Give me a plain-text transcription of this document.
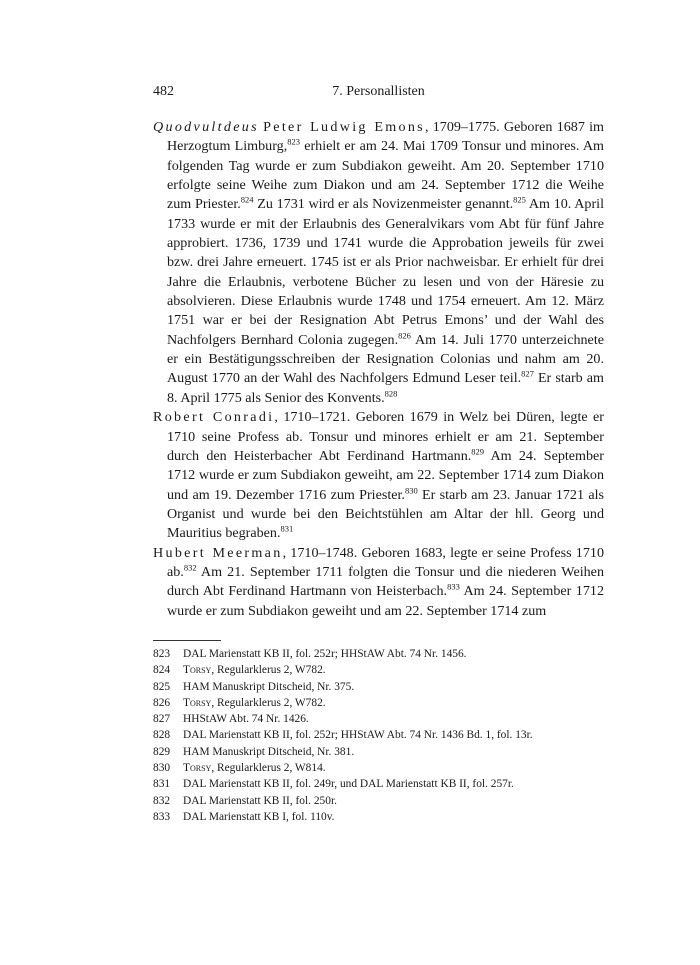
482	7. Personallisten

Quodvultdeus Peter Ludwig Emons, 1709–1775. Geboren 1687 im Herzogtum Limburg,$^{823}$ erhielt er am 24. Mai 1709 Tonsur und minores. Am folgenden Tag wurde er zum Subdiakon geweiht. Am 20. September 1710 erfolgte seine Weihe zum Diakon und am 24. September 1712 die Weihe zum Priester.$^{824}$ Zu 1731 wird er als Novizenmeister genannt.$^{825}$ Am 10. April 1733 wurde er mit der Erlaubnis des Generalvikars vom Abt für fünf Jahre approbiert. 1736, 1739 und 1741 wurde die Approbation jeweils für zwei bzw. drei Jahre erneuert. 1745 ist er als Prior nachweisbar. Er erhielt für drei Jahre die Erlaubnis, verbotene Bücher zu lesen und von der Häresie zu absolvieren. Diese Erlaubnis wurde 1748 und 1754 erneuert. Am 12. März 1751 war er bei der Resignation Abt Petrus Emons’ und der Wahl des Nachfolgers Bernhard Colonia zugegen.$^{826}$ Am 14. Juli 1770 unterzeichnete er ein Bestätigungsschreiben der Resignation Colonias und nahm am 20. August 1770 an der Wahl des Nachfolgers Edmund Leser teil.$^{827}$ Er starb am 8. April 1775 als Senior des Konvents.$^{828}$

Robert Conradi, 1710–1721. Geboren 1679 in Welz bei Düren, legte er 1710 seine Profess ab. Tonsur und minores erhielt er am 21. September durch den Heisterbacher Abt Ferdinand Hartmann.$^{829}$ Am 24. September 1712 wurde er zum Subdiakon geweiht, am 22. September 1714 zum Diakon und am 19. Dezember 1716 zum Priester.$^{830}$ Er starb am 23. Januar 1721 als Organist und wurde bei den Beichtstühlen am Altar der hll. Georg und Mauritius begraben.$^{831}$

Hubert Meerman, 1710–1748. Geboren 1683, legte er seine Profess 1710 ab.$^{832}$ Am 21. September 1711 folgten die Tonsur und die niederen Weihen durch Abt Ferdinand Hartmann von Heisterbach.$^{833}$ Am 24. September 1712 wurde er zum Subdiakon geweiht und am 22. September 1714 zum

823	DAL Marienstatt KB II, fol. 252r; HHStAW Abt. 74 Nr. 1456.
824	Torsy, Regularklerus 2, W782.
825	HAM Manuskript Ditscheid, Nr. 375.
826	Torsy, Regularklerus 2, W782.
827	HHStAW Abt. 74 Nr. 1426.
828	DAL Marienstatt KB II, fol. 252r; HHStAW Abt. 74 Nr. 1436 Bd. 1, fol. 13r.
829	HAM Manuskript Ditscheid, Nr. 381.
830	Torsy, Regularklerus 2, W814.
831	DAL Marienstatt KB II, fol. 249r, und DAL Marienstatt KB II, fol. 257r.
832	DAL Marienstatt KB II, fol. 250r.
833	DAL Marienstatt KB I, fol. 110v.
